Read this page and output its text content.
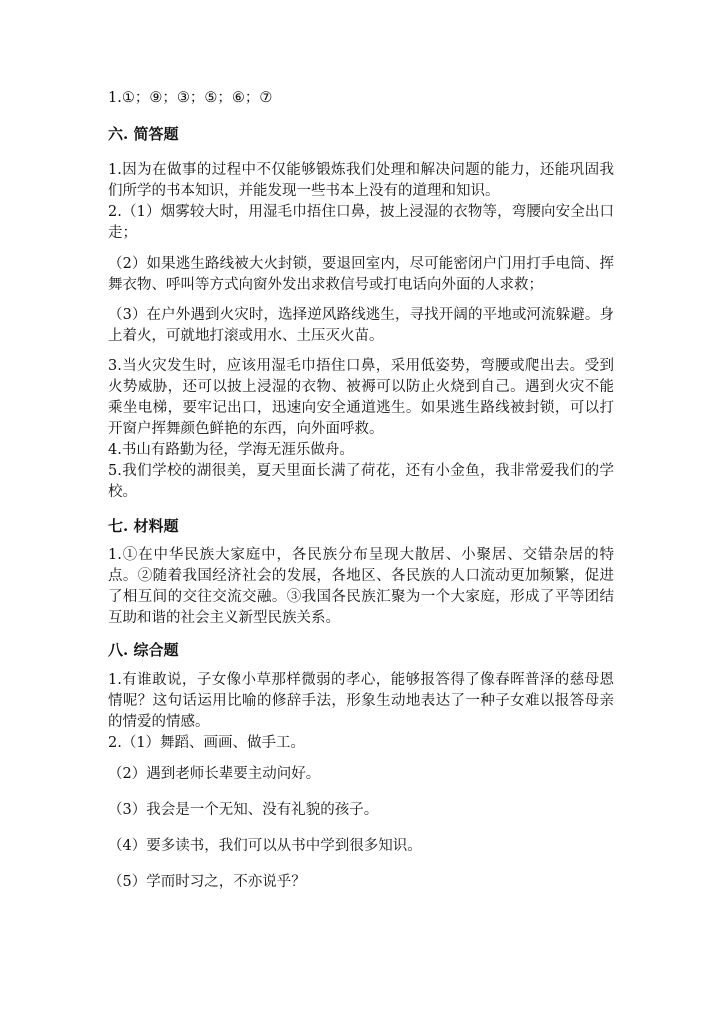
1.①；⑨；③；⑤；⑥；⑦
六. 简答题
1.因为在做事的过程中不仅能够锻炼我们处理和解决问题的能力，还能巩固我们所学的书本知识，并能发现一些书本上没有的道理和知识。
2.（1）烟雾较大时，用湿毛巾捂住口鼻，披上浸湿的衣物等，弯腰向安全出口走；
（2）如果逃生路线被大火封锁，要退回室内，尽可能密闭户门用打手电筒、挥舞衣物、呼叫等方式向窗外发出求救信号或打电话向外面的人求救；
（3）在户外遇到火灾时，选择逆风路线逃生，寻找开阔的平地或河流躲避。身上着火，可就地打滚或用水、土压灭火苗。
3.当火灾发生时，应该用湿毛巾捂住口鼻，采用低姿势，弯腰或爬出去。受到火势威胁，还可以披上浸湿的衣物、被褥可以防止火烧到自己。遇到火灾不能乘坐电梯，要牢记出口，迅速向安全通道逃生。如果逃生路线被封锁，可以打开窗户挥舞颜色鲜艳的东西，向外面呼救。
4.书山有路勤为径，学海无涯乐做舟。
5.我们学校的湖很美，夏天里面长满了荷花，还有小金鱼，我非常爱我们的学校。
七. 材料题
1.①在中华民族大家庭中，各民族分布呈现大散居、小聚居、交错杂居的特点。②随着我国经济社会的发展，各地区、各民族的人口流动更加频繁，促进了相互间的交往交流交融。③我国各民族汇聚为一个大家庭，形成了平等团结互助和谐的社会主义新型民族关系。
八. 综合题
1.有谁敢说，子女像小草那样微弱的孝心，能够报答得了像春晖普泽的慈母恩情呢？这句话运用比喻的修辞手法，形象生动地表达了一种子女难以报答母亲的情爱的情感。
2.（1）舞蹈、画画、做手工。
（2）遇到老师长辈要主动问好。
（3）我会是一个无知、没有礼貌的孩子。
（4）要多读书，我们可以从书中学到很多知识。
（5）学而时习之，不亦说乎？
